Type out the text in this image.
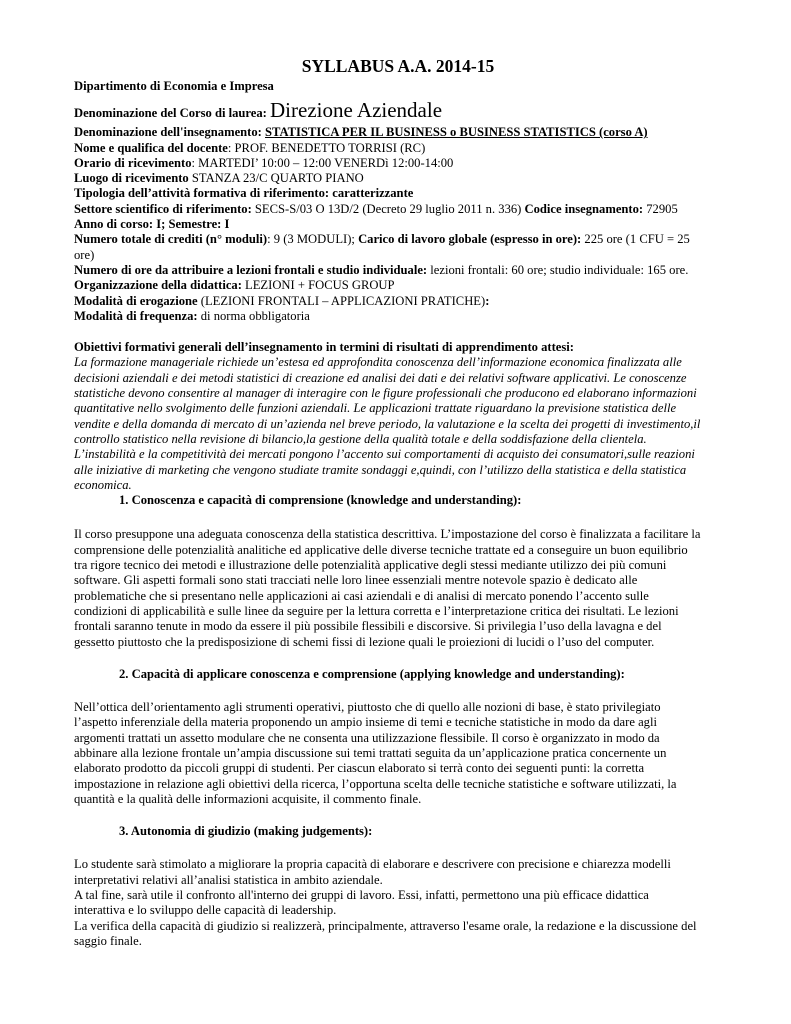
SYLLABUS A.A. 2014-15

Dipartimento di Economia e Impresa

Denominazione del Corso di laurea: Direzione Aziendale

Denominazione dell'insegnamento: STATISTICA PER IL BUSINESS o BUSINESS STATISTICS (corso A)

Nome e qualifica del docente: PROF. BENEDETTO TORRISI (RC)

Orario di ricevimento: MARTEDI’ 10:00 – 12:00 VENERDì 12:00-14:00

Luogo di ricevimento STANZA 23/C QUARTO PIANO

Tipologia dell’attività formativa di riferimento: caratterizzante

Settore scientifico di riferimento: SECS-S/03 O 13D/2 (Decreto 29 luglio 2011 n. 336) Codice insegnamento: 72905

Anno di corso: I; Semestre: I

Numero totale di crediti (n° moduli): 9 (3 MODULI); Carico di lavoro globale (espresso in ore): 225 ore (1 CFU = 25

ore)

Numero di ore da attribuire a lezioni frontali e studio individuale: lezioni frontali: 60 ore; studio individuale: 165 ore.

Organizzazione della didattica: LEZIONI + FOCUS GROUP

Modalità di erogazione (LEZIONI FRONTALI – APPLICAZIONI PRATICHE):

Modalità di frequenza: di norma obbligatoria

Obiettivi formativi generali dell’insegnamento in termini di risultati di apprendimento attesi:

La formazione manageriale richiede un’estesa ed approfondita conoscenza dell’informazione economica finalizzata alle

decisioni aziendali e dei metodi statistici di creazione ed analisi dei dati e dei relativi software applicativi. Le conoscenze

statistiche devono consentire al manager di interagire con le figure professionali che producono ed elaborano informazioni

quantitative nello svolgimento delle funzioni aziendali. Le applicazioni trattate riguardano la previsione statistica delle

vendite e della domanda di mercato di un’azienda nel breve periodo, la valutazione e la scelta dei progetti di investimento,il

controllo statistico nella revisione di bilancio,la gestione della qualità totale e della soddisfazione della clientela.

L’instabilità e la competitività dei mercati pongono l’accento sui comportamenti di acquisto dei consumatori,sulle reazioni

alle iniziative di marketing che vengono studiate tramite sondaggi e,quindi, con l’utilizzo della statistica e della statistica

economica.

1. Conoscenza e capacità di comprensione (knowledge and understanding):

Il corso presuppone una adeguata conoscenza della statistica descrittiva. L’impostazione del corso è finalizzata a facilitare la

comprensione delle potenzialità analitiche ed applicative delle diverse tecniche trattate ed a conseguire un buon equilibrio

tra rigore tecnico dei metodi e illustrazione delle potenzialità applicative degli stessi mediante utilizzo dei più comuni

software. Gli aspetti formali sono stati tracciati nelle loro linee essenziali mentre notevole spazio è dedicato alle

problematiche che si presentano nelle applicazioni ai casi aziendali e di analisi di mercato ponendo l’accento sulle

condizioni di applicabilità e sulle linee da seguire per la lettura corretta e l’interpretazione critica dei risultati. Le lezioni

frontali saranno tenute in modo da essere il più possibile flessibili e discorsive. Si privilegia l’uso della lavagna e del

gessetto piuttosto che la predisposizione di schemi fissi di lezione quali le proiezioni di lucidi o l’uso del computer.

2. Capacità di applicare conoscenza e comprensione (applying knowledge and understanding):

Nell’ottica dell’orientamento agli strumenti operativi, piuttosto che di quello alle nozioni di base, è stato privilegiato

l’aspetto inferenziale della materia proponendo un ampio insieme di temi e tecniche statistiche in modo da dare agli

argomenti trattati un assetto modulare che ne consenta una utilizzazione flessibile. Il corso è organizzato in modo da

abbinare alla lezione frontale un’ampia discussione sui temi trattati seguita da un’applicazione pratica concernente un

elaborato prodotto da piccoli gruppi di studenti. Per ciascun elaborato si terrà conto dei seguenti punti: la corretta

impostazione in relazione agli obiettivi della ricerca, l’opportuna scelta delle tecniche statistiche e software utilizzati, la

quantità e la qualità delle informazioni acquisite, il commento finale.

3. Autonomia di giudizio (making judgements):

Lo studente sarà stimolato a migliorare la propria capacità di elaborare e descrivere con precisione e chiarezza modelli

interpretativi relativi all’analisi statistica in ambito aziendale.

A tal fine, sarà utile il confronto all'interno dei gruppi di lavoro. Essi, infatti, permettono una più efficace didattica

interattiva e lo sviluppo delle capacità di leadership.

La verifica della capacità di giudizio si realizzerà, principalmente, attraverso l'esame orale, la redazione e la discussione del

saggio finale.
